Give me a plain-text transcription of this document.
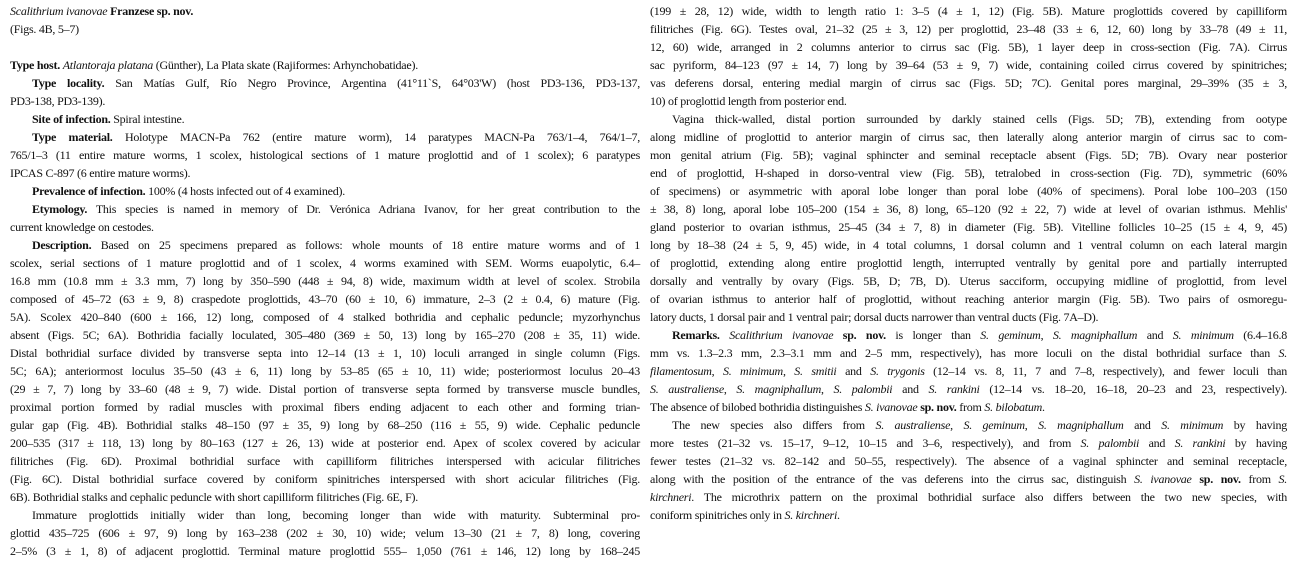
Scalithrium ivanovae Franzese sp. nov.
(Figs. 4B, 5–7)
Type host. Atlantoraja platana (Günther), La Plata skate (Rajiformes: Arhynchobatidae).
Type locality. San Matías Gulf, Río Negro Province, Argentina (41°11`S, 64°03'W) (host PD3-136, PD3-137,
PD3-138, PD3-139).
Site of infection. Spiral intestine.
Type material. Holotype MACN-Pa 762 (entire mature worm), 14 paratypes MACN-Pa 763/1–4, 764/1–7,
765/1–3 (11 entire mature worms, 1 scolex, histological sections of 1 mature proglottid and of 1 scolex); 6 paratypes
IPCAS C-897 (6 entire mature worms).
Prevalence of infection. 100% (4 hosts infected out of 4 examined).
Etymology. This species is named in memory of Dr. Verónica Adriana Ivanov, for her great contribution to the
current knowledge on cestodes.
Description. Based on 25 specimens prepared as follows: whole mounts of 18 entire mature worms and of 1
scolex, serial sections of 1 mature proglottid and of 1 scolex, 4 worms examined with SEM. Worms euapolytic, 6.4–
16.8 mm (10.8 mm ± 3.3 mm, 7) long by 350–590 (448 ± 94, 8) wide, maximum width at level of scolex. Strobila
composed of 45–72 (63 ± 9, 8) craspedote proglottids, 43–70 (60 ± 10, 6) immature, 2–3 (2 ± 0.4, 6) mature (Fig.
5A). Scolex 420–840 (600 ± 166, 12) long, composed of 4 stalked bothridia and cephalic peduncle; myzorhynchus
absent (Figs. 5C; 6A). Bothridia facially loculated, 305–480 (369 ± 50, 13) long by 165–270 (208 ± 35, 11) wide.
Distal bothridial surface divided by transverse septa into 12–14 (13 ± 1, 10) loculi arranged in single column (Figs.
5C; 6A); anteriormost loculus 35–50 (43 ± 6, 11) long by 53–85 (65 ± 10, 11) wide; posteriormost loculus 20–43
(29 ± 7, 7) long by 33–60 (48 ± 9, 7) wide. Distal portion of transverse septa formed by transverse muscle bundles,
proximal portion formed by radial muscles with proximal fibers ending adjacent to each other and forming trian-
gular gap (Fig. 4B). Bothridial stalks 48–150 (97 ± 35, 9) long by 68–250 (116 ± 55, 9) wide. Cephalic peduncle
200–535 (317 ± 118, 13) long by 80–163 (127 ± 26, 13) wide at posterior end. Apex of scolex covered by acicular
filitriches (Fig. 6D). Proximal bothridial surface with capilliform filitriches interspersed with acicular filitriches
(Fig. 6C). Distal bothridial surface covered by coniform spinitriches interspersed with short acicular filitriches (Fig.
6B). Bothridial stalks and cephalic peduncle with short capilliform filitriches (Fig. 6E, F).
Immature proglottids initially wider than long, becoming longer than wide with maturity. Subterminal pro-
glottid 435–725 (606 ± 97, 9) long by 163–238 (202 ± 30, 10) wide; velum 13–30 (21 ± 7, 8) long, covering
2–5% (3 ± 1, 8) of adjacent proglottid. Terminal mature proglottid 555– 1,050 (761 ± 146, 12) long by 168–245
(199 ± 28, 12) wide, width to length ratio 1: 3–5 (4 ± 1, 12) (Fig. 5B). Mature proglottids covered by capilliform
filitriches (Fig. 6G). Testes oval, 21–32 (25 ± 3, 12) per proglottid, 23–48 (33 ± 6, 12, 60) long by 33–78 (49 ± 11,
12, 60) wide, arranged in 2 columns anterior to cirrus sac (Fig. 5B), 1 layer deep in cross-section (Fig. 7A). Cirrus
sac pyriform, 84–123 (97 ± 14, 7) long by 39–64 (53 ± 9, 7) wide, containing coiled cirrus covered by spinitriches;
vas deferens dorsal, entering medial margin of cirrus sac (Figs. 5D; 7C). Genital pores marginal, 29–39% (35 ± 3,
10) of proglottid length from posterior end.
Vagina thick-walled, distal portion surrounded by darkly stained cells (Figs. 5D; 7B), extending from ootype
along midline of proglottid to anterior margin of cirrus sac, then laterally along anterior margin of cirrus sac to com-
mon genital atrium (Fig. 5B); vaginal sphincter and seminal receptacle absent (Figs. 5D; 7B). Ovary near posterior
end of proglottid, H-shaped in dorso-ventral view (Fig. 5B), tetralobed in cross-section (Fig. 7D), symmetric (60%
of specimens) or asymmetric with aporal lobe longer than poral lobe (40% of specimens). Poral lobe 100–203 (150
± 38, 8) long, aporal lobe 105–200 (154 ± 36, 8) long, 65–120 (92 ± 22, 7) wide at level of ovarian isthmus. Mehlis'
gland posterior to ovarian isthmus, 25–45 (34 ± 7, 8) in diameter (Fig. 5B). Vitelline follicles 10–25 (15 ± 4, 9, 45)
long by 18–38 (24 ± 5, 9, 45) wide, in 4 total columns, 1 dorsal column and 1 ventral column on each lateral margin
of proglottid, extending along entire proglottid length, interrupted ventrally by genital pore and partially interrupted
dorsally and ventrally by ovary (Figs. 5B, D; 7B, D). Uterus sacciform, occupying midline of proglottid, from level
of ovarian isthmus to anterior half of proglottid, without reaching anterior margin (Fig. 5B). Two pairs of osmoregu-
latory ducts, 1 dorsal pair and 1 ventral pair; dorsal ducts narrower than ventral ducts (Fig. 7A–D).
Remarks. Scalithrium ivanovae sp. nov. is longer than S. geminum, S. magniphallum and S. minimum (6.4–16.8
mm vs. 1.3–2.3 mm, 2.3–3.1 mm and 2–5 mm, respectively), has more loculi on the distal bothridial surface than S.
filamentosum, S. minimum, S. smitii and S. trygonis (12–14 vs. 8, 11, 7 and 7–8, respectively), and fewer loculi than
S. australiense, S. magniphallum, S. palombii and S. rankini (12–14 vs. 18–20, 16–18, 20–23 and 23, respectively).
The absence of bilobed bothridia distinguishes S. ivanovae sp. nov. from S. bilobatum.
The new species also differs from S. australiense, S. geminum, S. magniphallum and S. minimum by having
more testes (21–32 vs. 15–17, 9–12, 10–15 and 3–6, respectively), and from S. palombii and S. rankini by having
fewer testes (21–32 vs. 82–142 and 50–55, respectively). The absence of a vaginal sphincter and seminal receptacle,
along with the position of the entrance of the vas deferens into the cirrus sac, distinguish S. ivanovae sp. nov. from S.
kirchneri. The microthrix pattern on the proximal bothridial surface also differs between the two new species, with
coniform spinitriches only in S. kirchneri.
